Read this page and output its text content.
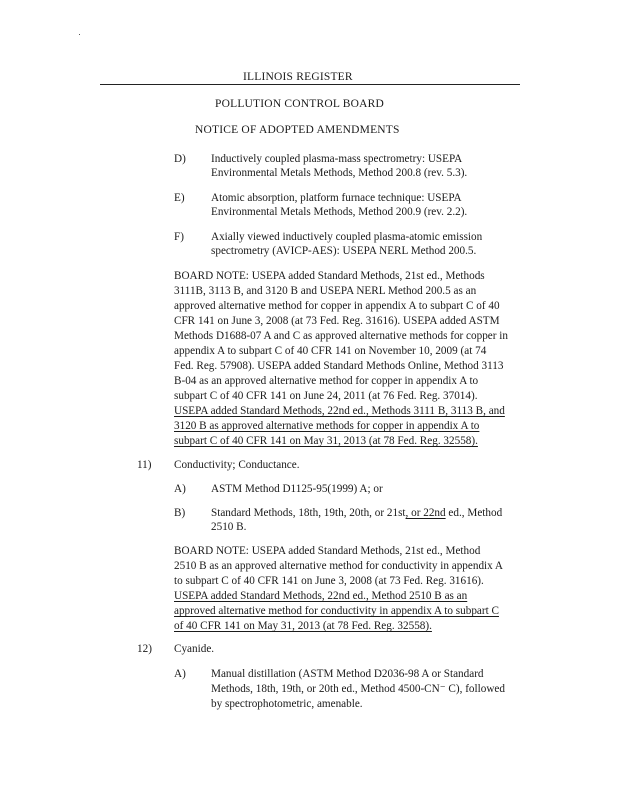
ILLINOIS REGISTER
POLLUTION CONTROL BOARD
NOTICE OF ADOPTED AMENDMENTS
D) Inductively coupled plasma-mass spectrometry: USEPA
Environmental Metals Methods, Method 200.8 (rev. 5.3).
E) Atomic absorption, platform furnace technique: USEPA
Environmental Metals Methods, Method 200.9 (rev. 2.2).
F) Axially viewed inductively coupled plasma-atomic emission
spectrometry (AVICP-AES): USEPA NERL Method 200.5.
BOARD NOTE: USEPA added Standard Methods, 21st ed., Methods
3111B, 3113 B, and 3120 B and USEPA NERL Method 200.5 as an
approved alternative method for copper in appendix A to subpart C of 40
CFR 141 on June 3, 2008 (at 73 Fed. Reg. 31616). USEPA added ASTM
Methods D1688-07 A and C as approved alternative methods for copper in
appendix A to subpart C of 40 CFR 141 on November 10, 2009 (at 74
Fed. Reg. 57908). USEPA added Standard Methods Online, Method 3113
B-04 as an approved alternative method for copper in appendix A to
subpart C of 40 CFR 141 on June 24, 2011 (at 76 Fed. Reg. 37014).
USEPA added Standard Methods, 22nd ed., Methods 3111 B, 3113 B, and
3120 B as approved alternative methods for copper in appendix A to
subpart C of 40 CFR 141 on May 31, 2013 (at 78 Fed. Reg. 32558).
11) Conductivity; Conductance.
A) ASTM Method D1125-95(1999) A; or
B) Standard Methods, 18th, 19th, 20th, or 21st, or 22nd ed., Method
2510 B.
BOARD NOTE: USEPA added Standard Methods, 21st ed., Method
2510 B as an approved alternative method for conductivity in appendix A
to subpart C of 40 CFR 141 on June 3, 2008 (at 73 Fed. Reg. 31616).
USEPA added Standard Methods, 22nd ed., Method 2510 B as an
approved alternative method for conductivity in appendix A to subpart C
of 40 CFR 141 on May 31, 2013 (at 78 Fed. Reg. 32558).
12) Cyanide.
A) Manual distillation (ASTM Method D2036-98 A or Standard
Methods, 18th, 19th, or 20th ed., Method 4500-CN⁻ C), followed
by spectrophotometric, amenable.
